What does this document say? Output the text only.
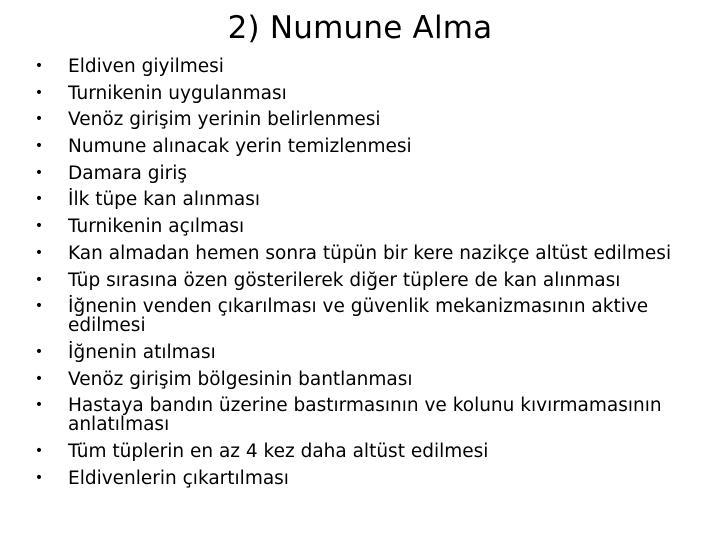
2) Numune Alma
• Eldiven giyilmesi
• Turnikenin uygulanması
• Venöz girişim yerinin belirlenmesi
• Numune alınacak yerin temizlenmesi
• Damara giriş
• İlk tüpe kan alınması
• Turnikenin açılması
• Kan almadan hemen sonra tüpün bir kere nazikçe altüst edilmesi
• Tüp sırasına özen gösterilerek diğer tüplere de kan alınması
• İğnenin venden çıkarılması ve güvenlik mekanizmasının aktive edilmesi
• İğnenin atılması
• Venöz girişim bölgesinin bantlanması
• Hastaya bandın üzerine bastırmasının ve kolunu kıvırmamasının anlatılması
• Tüm tüplerin en az 4 kez daha altüst edilmesi
• Eldivenlerin çıkartılması
